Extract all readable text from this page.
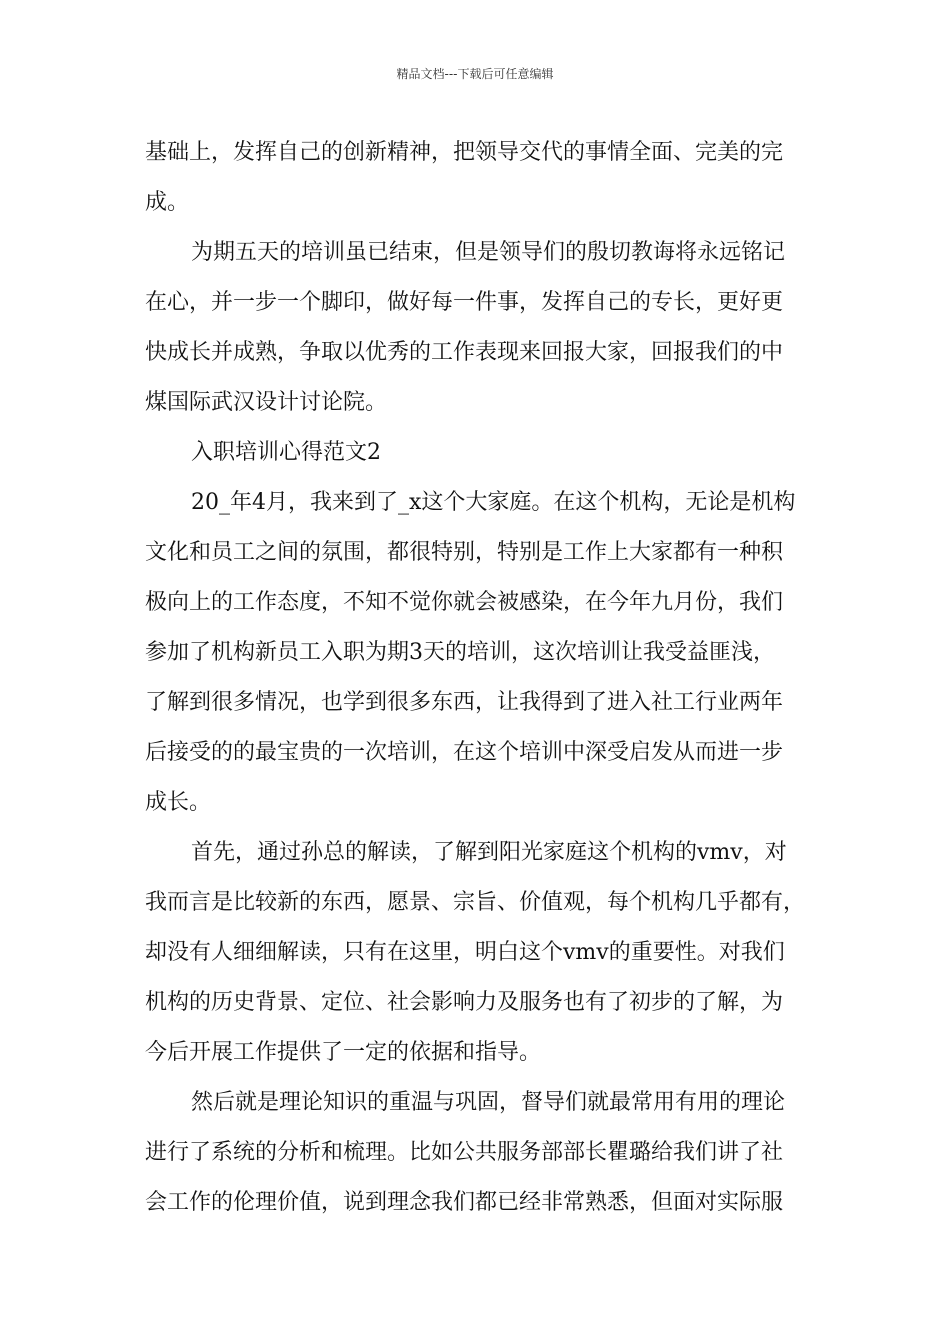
精品文档---下载后可任意编辑
基础上，发挥自己的创新精神，把领导交代的事情全面、完美的完
成。
为期五天的培训虽已结束，但是领导们的殷切教诲将永远铭记
在心，并一步一个脚印，做好每一件事，发挥自己的专长，更好更
快成长并成熟，争取以优秀的工作表现来回报大家，回报我们的中
煤国际武汉设计讨论院。
入职培训心得范文2
20_年4月，我来到了_x这个大家庭。在这个机构，无论是机构
文化和员工之间的氛围，都很特别，特别是工作上大家都有一种积
极向上的工作态度，不知不觉你就会被感染，在今年九月份，我们
参加了机构新员工入职为期3天的培训，这次培训让我受益匪浅，
了解到很多情况，也学到很多东西，让我得到了进入社工行业两年
后接受的的最宝贵的一次培训，在这个培训中深受启发从而进一步
成长。
首先，通过孙总的解读，了解到阳光家庭这个机构的vmv，对
我而言是比较新的东西，愿景、宗旨、价值观，每个机构几乎都有，
却没有人细细解读，只有在这里，明白这个vmv的重要性。对我们
机构的历史背景、定位、社会影响力及服务也有了初步的了解，为
今后开展工作提供了一定的依据和指导。
然后就是理论知识的重温与巩固，督导们就最常用有用的理论
进行了系统的分析和梳理。比如公共服务部部长瞿璐给我们讲了社
会工作的伦理价值，说到理念我们都已经非常熟悉，但面对实际服
